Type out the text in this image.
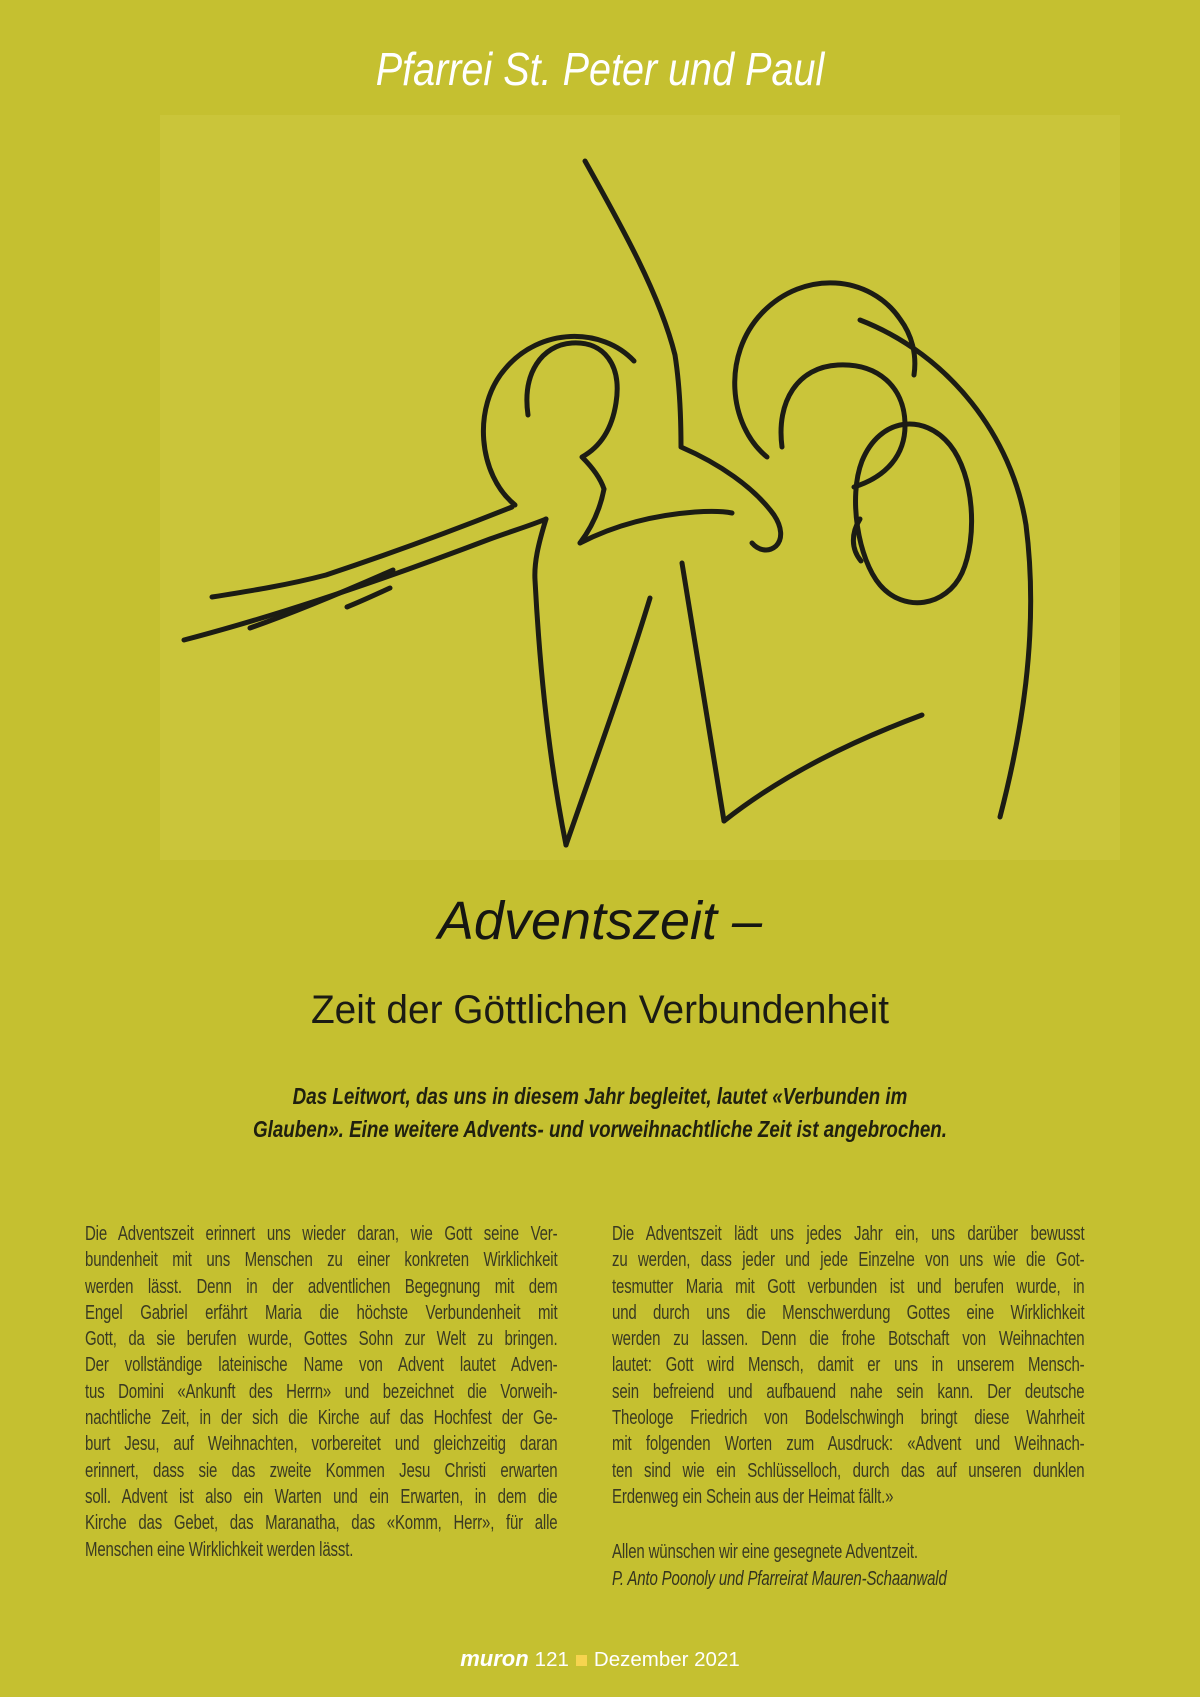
Pfarrei St. Peter und Paul
Adventszeit –
Zeit der Göttlichen Verbundenheit
Das Leitwort, das uns in diesem Jahr begleitet, lautet «Verbunden im
Glauben». Eine weitere Advents- und vorweihnachtliche Zeit ist angebrochen.
Die Adventszeit erinnert uns wieder daran, wie Gott seine Ver-
bundenheit mit uns Menschen zu einer konkreten Wirklichkeit
werden lässt. Denn in der adventlichen Begegnung mit dem
Engel Gabriel erfährt Maria die höchste Verbundenheit mit
Gott, da sie berufen wurde, Gottes Sohn zur Welt zu bringen.
Der vollständige lateinische Name von Advent lautet Adven-
tus Domini «Ankunft des Herrn» und bezeichnet die Vorweih-
nachtliche Zeit, in der sich die Kirche auf das Hochfest der Ge-
burt Jesu, auf Weihnachten, vorbereitet und gleichzeitig daran
erinnert, dass sie das zweite Kommen Jesu Christi erwarten
soll. Advent ist also ein Warten und ein Erwarten, in dem die
Kirche das Gebet, das Maranatha, das «Komm, Herr», für alle
Menschen eine Wirklichkeit werden lässt.
Die Adventszeit lädt uns jedes Jahr ein, uns darüber bewusst
zu werden, dass jeder und jede Einzelne von uns wie die Got-
tesmutter Maria mit Gott verbunden ist und berufen wurde, in
und durch uns die Menschwerdung Gottes eine Wirklichkeit
werden zu lassen. Denn die frohe Botschaft von Weihnachten
lautet: Gott wird Mensch, damit er uns in unserem Mensch-
sein befreiend und aufbauend nahe sein kann. Der deutsche
Theologe Friedrich von Bodelschwingh bringt diese Wahrheit
mit folgenden Worten zum Ausdruck: «Advent und Weihnach-
ten sind wie ein Schlüsselloch, durch das auf unseren dunklen
Erdenweg ein Schein aus der Heimat fällt.»
Allen wünschen wir eine gesegnete Adventzeit.
P. Anto Poonoly und Pfarreirat Mauren-Schaanwald
muron 121 Dezember 2021
